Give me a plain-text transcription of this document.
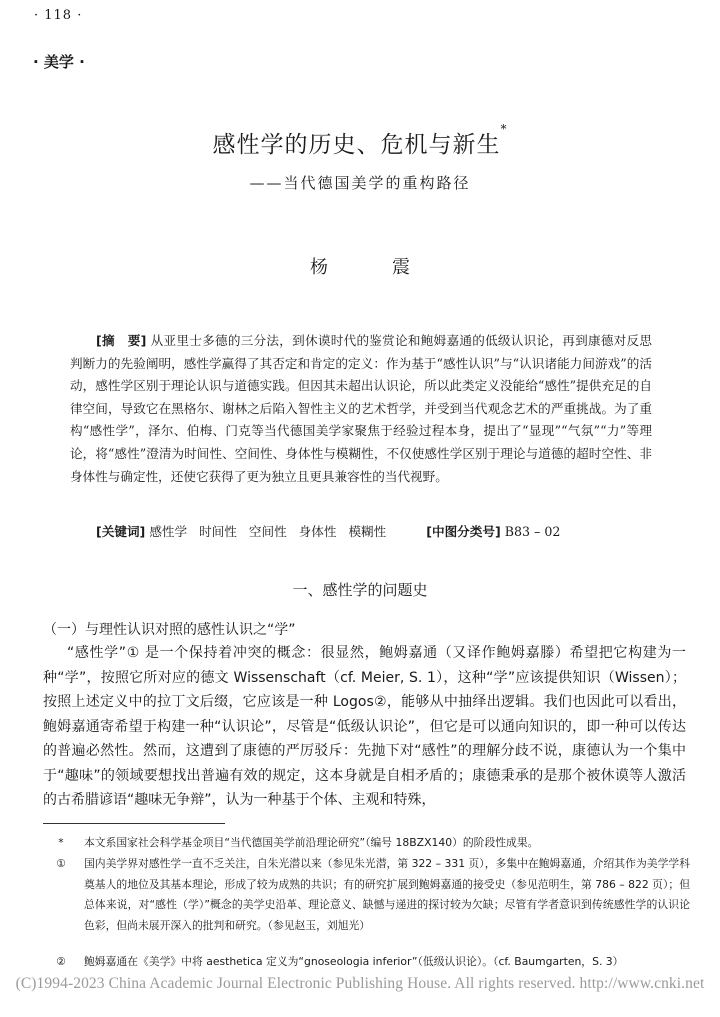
· 118 ·
· 美学 ·
感性学的历史、危机与新生*
——当代德国美学的重构路径
杨	震
[摘　要] 从亚里士多德的三分法，到休谟时代的鉴赏论和鲍姆嘉通的低级认识论，再到康德对反思判断力的先验阐明，感性学赢得了其否定和肯定的定义：作为基于“感性认识”与“认识诸能力间游戏”的活动，感性学区别于理论认识与道德实践。但因其未超出认识论，所以此类定义没能给“感性”提供充足的自律空间，导致它在黑格尔、谢林之后陷入智性主义的艺术哲学，并受到当代观念艺术的严重挑战。为了重构“感性学”，泽尔、伯梅、门克等当代德国美学家聚焦于经验过程本身，提出了“显现”“气氛”“力”等理论，将“感性”澄清为时间性、空间性、身体性与模糊性，不仅使感性学区别于理论与道德的超时空性、非身体性与确定性，还使它获得了更为独立且更具兼容性的当代视野。
[关键词] 感性学 时间性 空间性 身体性 模糊性	[中图分类号] B83 – 02
一、感性学的问题史
（一）与理性认识对照的感性认识之“学”
“感性学”① 是一个保持着冲突的概念：很显然，鲍姆嘉通（又译作鲍姆嘉滕）希望把它构建为一种“学”，按照它所对应的德文 Wissenschaft（cf. Meier, S. 1），这种“学”应该提供知识（Wissen）；按照上述定义中的拉丁文后缀，它应该是一种 Logos②，能够从中抽绎出逻辑。我们也因此可以看出，鲍姆嘉通寄希望于构建一种“认识论”，尽管是“低级认识论”，但它是可以通向知识的，即一种可以传达的普遍必然性。然而，这遭到了康德的严厉驳斥：先抛下对“感性”的理解分歧不说，康德认为一个集中于“趣味”的领域要想找出普遍有效的规定，这本身就是自相矛盾的；康德秉承的是那个被休谟等人激活的古希腊谚语“趣味无争辩”，认为一种基于个体、主观和特殊，
*	本文系国家社会科学基金项目“当代德国美学前沿理论研究”（编号 18BZX140）的阶段性成果。
① 国内美学界对感性学一直不乏关注，自朱光潜以来（参见朱光潜，第 322 – 331 页），多集中在鲍姆嘉通，介绍其作为美学学科奠基人的地位及其基本理论，形成了较为成熟的共识；有的研究扩展到鲍姆嘉通的接受史（参见范明生，第 786 – 822 页）；但总体来说，对“感性（学）”概念的美学史沿革、理论意义、缺憾与递进的探讨较为欠缺；尽管有学者意识到传统感性学的认识论色彩，但尚未展开深入的批判和研究。（参见赵玉，刘旭光）
② 鲍姆嘉通在《美学》中将 aesthetica 定义为“gnoseologia inferior”（低级认识论）。（cf. Baumgarten，S. 3）
(C)1994-2023 China Academic Journal Electronic Publishing House. All rights reserved. http://www.cnki.net
